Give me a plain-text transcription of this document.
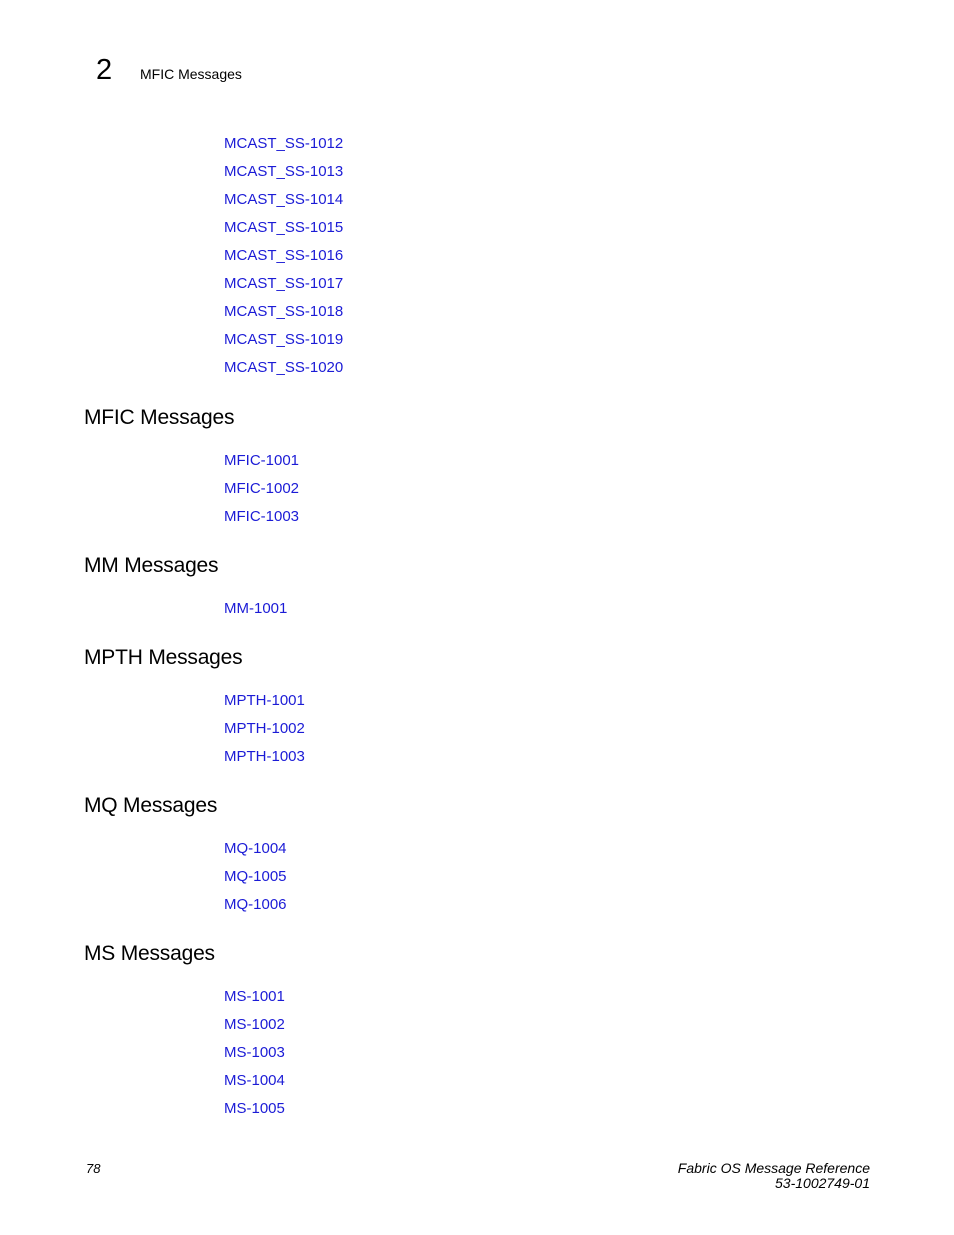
2 MFIC Messages
MCAST_SS-1012
MCAST_SS-1013
MCAST_SS-1014
MCAST_SS-1015
MCAST_SS-1016
MCAST_SS-1017
MCAST_SS-1018
MCAST_SS-1019
MCAST_SS-1020
MFIC Messages
MFIC-1001
MFIC-1002
MFIC-1003
MM Messages
MM-1001
MPTH Messages
MPTH-1001
MPTH-1002
MPTH-1003
MQ Messages
MQ-1004
MQ-1005
MQ-1006
MS Messages
MS-1001
MS-1002
MS-1003
MS-1004
MS-1005
78	Fabric OS Message Reference
53-1002749-01
